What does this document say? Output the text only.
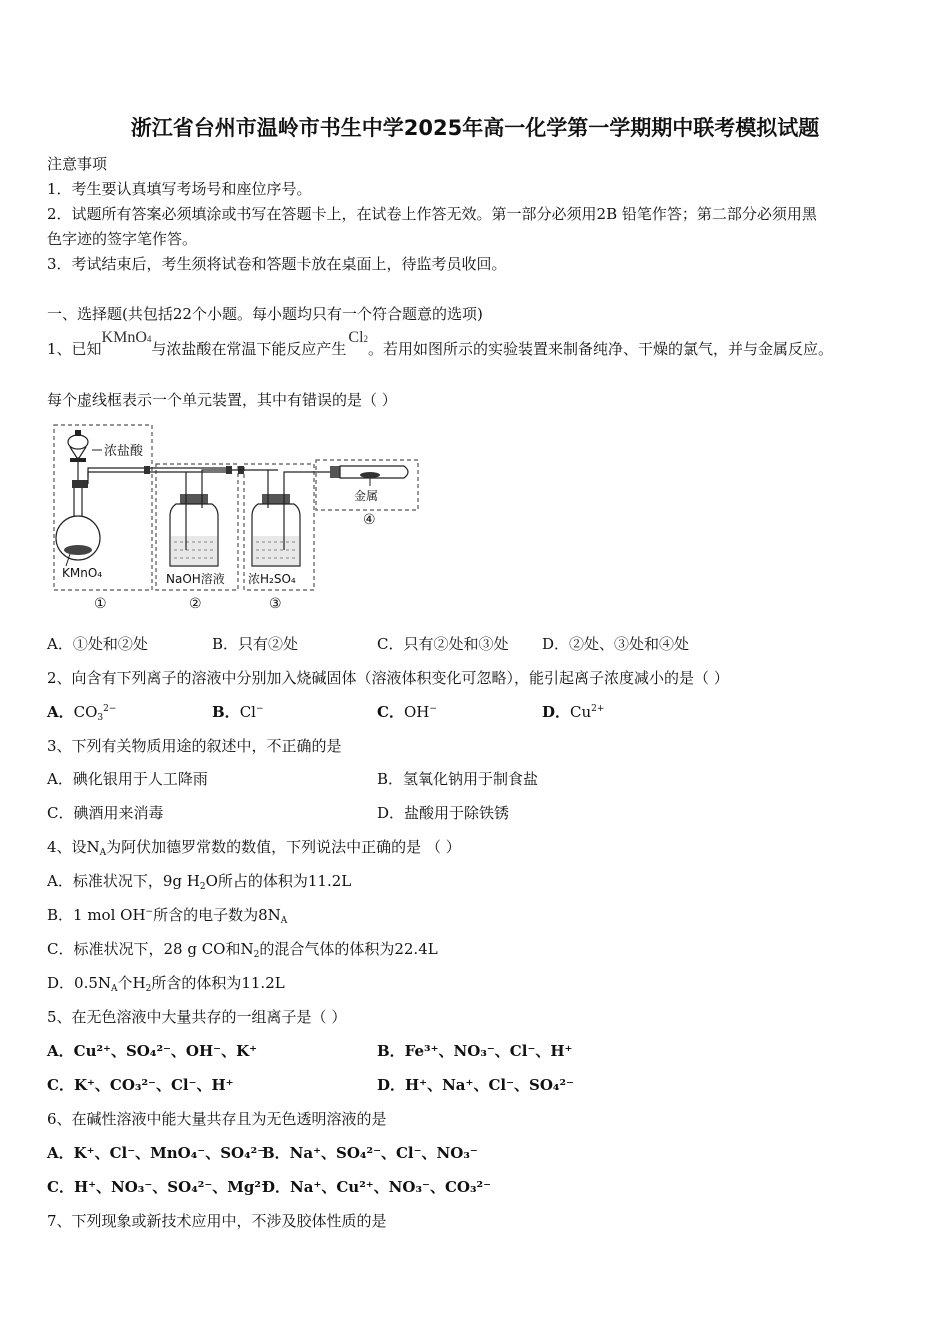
浙江省台州市温岭市书生中学2025年高一化学第一学期期中联考模拟试题
注意事项
1．考生要认真填写考场号和座位序号。
2．试题所有答案必须填涂或书写在答题卡上，在试卷上作答无效。第一部分必须用2B 铅笔作答；第二部分必须用黑
色字迹的签字笔作答。
3．考试结束后，考生须将试卷和答题卡放在桌面上，待监考员收回。
一、选择题(共包括22个小题。每小题均只有一个符合题意的选项)
1、已知KMnO4与浓盐酸在常温下能反应产生Cl2。若用如图所示的实验装置来制备纯净、干燥的氯气，并与金属反应。
每个虚线框表示一个单元装置，其中有错误的是（ ）
浓盐酸
KMnO₄	NaOH溶液 浓H₂SO₄
金属
①	②	③
④
A．①处和②处	B．只有②处	C．只有②处和③处 D．②处、③处和④处
2、向含有下列离子的溶液中分别加入烧碱固体（溶液体积变化可忽略），能引起离子浓度减小的是（ ）
A．$CO_3^{2-}$	B．Cl−	C．OH−	D．$Cu^{2+}$
3、下列有关物质用途的叙述中，不正确的是
A．碘化银用于人工降雨	B．氢氧化钠用于制食盐
C．碘酒用来消毒	D．盐酸用于除铁锈
4、设$N_A$为阿伏加德罗常数的数值，下列说法中正确的是 （ ）
A．标准状况下，9g $H_2O$所占的体积为11.2L
B．1 mol OH−所含的电子数为$8N_A$
C．标准状况下，28 g CO和$N_2$的混合气体的体积为22.4L
D．$0.5N_A$个$H_2$所含的体积为11.2L
5、在无色溶液中大量共存的一组离子是（ ）
A．Cu²⁺、SO₄²⁻、OH⁻、K⁺	B．Fe³⁺、NO₃⁻、Cl⁻、H⁺
C．K⁺、CO₃²⁻、Cl⁻、H⁺	D．H⁺、Na⁺、Cl⁻、SO₄²⁻
6、在碱性溶液中能大量共存且为无色透明溶液的是
A．K⁺、Cl⁻、MnO₄⁻、SO₄²⁻
B．Na⁺、SO₄²⁻、Cl⁻、NO₃⁻
C．H⁺、NO₃⁻、SO₄²⁻、Mg²⁺
D．Na⁺、Cu²⁺、NO₃⁻、CO₃²⁻
7、下列现象或新技术应用中，不涉及胶体性质的是
